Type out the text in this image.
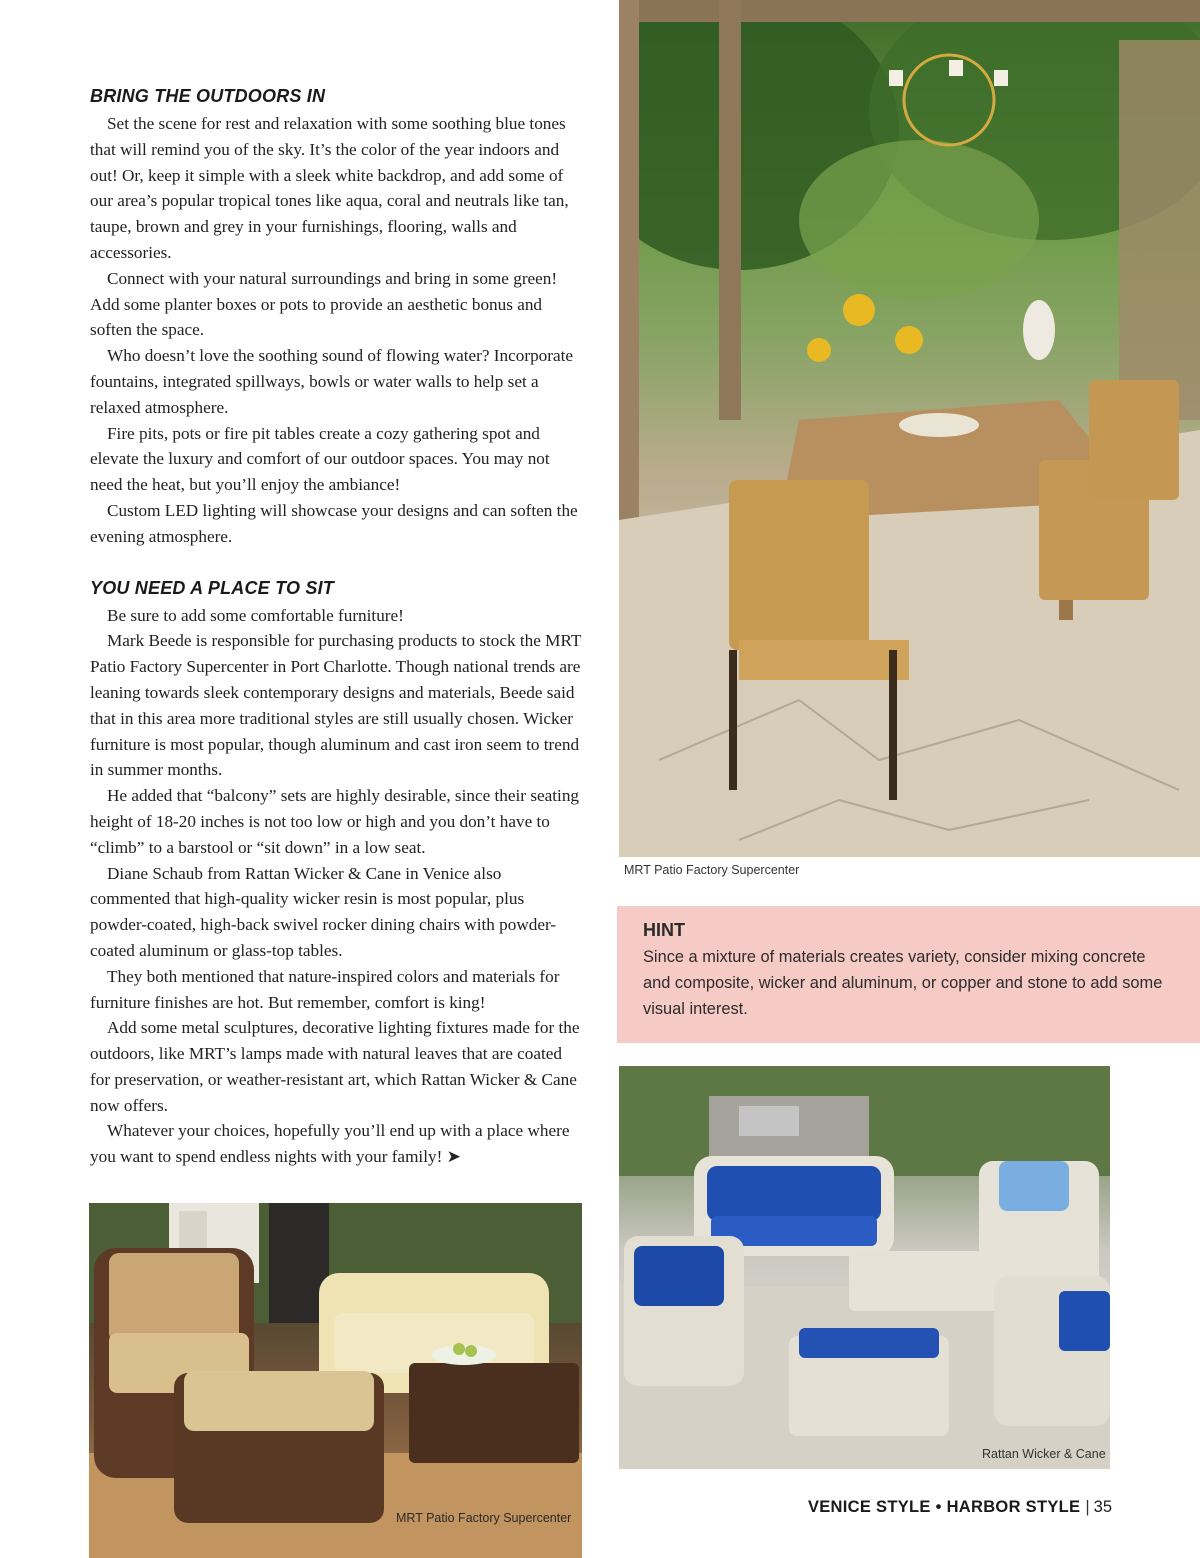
BRING THE OUTDOORS IN

Set the scene for rest and relaxation with some soothing blue tones that will remind you of the sky. It’s the color of the year indoors and out! Or, keep it simple with a sleek white backdrop, and add some of our area’s popular tropical tones like aqua, coral and neutrals like tan, taupe, brown and grey in your furnishings, flooring, walls and accessories.

Connect with your natural surroundings and bring in some green! Add some planter boxes or pots to provide an aesthetic bonus and soften the space.

Who doesn’t love the soothing sound of flowing water? Incorporate fountains, integrated spillways, bowls or water walls to help set a relaxed atmosphere.

Fire pits, pots or fire pit tables create a cozy gathering spot and elevate the luxury and comfort of our outdoor spaces. You may not need the heat, but you’ll enjoy the ambiance!

Custom LED lighting will showcase your designs and can soften the evening atmosphere.

YOU NEED A PLACE TO SIT

Be sure to add some comfortable furniture!

Mark Beede is responsible for purchasing products to stock the MRT Patio Factory Supercenter in Port Charlotte. Though national trends are leaning towards sleek contemporary designs and materials, Beede said that in this area more traditional styles are still usually chosen. Wicker furniture is most popular, though aluminum and cast iron seem to trend in summer months.

He added that “balcony” sets are highly desirable, since their seating height of 18-20 inches is not too low or high and you don’t have to “climb” to a barstool or “sit down” in a low seat.

Diane Schaub from Rattan Wicker & Cane in Venice also commented that high-quality wicker resin is most popular, plus powder-coated, high-back swivel rocker dining chairs with powder-coated aluminum or glass-top tables.

They both mentioned that nature-inspired colors and materials for furniture finishes are hot. But remember, comfort is king!

Add some metal sculptures, decorative lighting fixtures made for the outdoors, like MRT’s lamps made with natural leaves that are coated for preservation, or weather-resistant art, which Rattan Wicker & Cane now offers.

Whatever your choices, hopefully you’ll end up with a place where you want to spend endless nights with your family! ➤

MRT Patio Factory Supercenter
HINT

Since a mixture of materials creates variety, consider mixing concrete and composite, wicker and aluminum, or copper and stone to add some visual interest.

Rattan Wicker & Cane
MRT Patio Factory Supercenter
VENICE STYLE • HARBOR STYLE | 35
